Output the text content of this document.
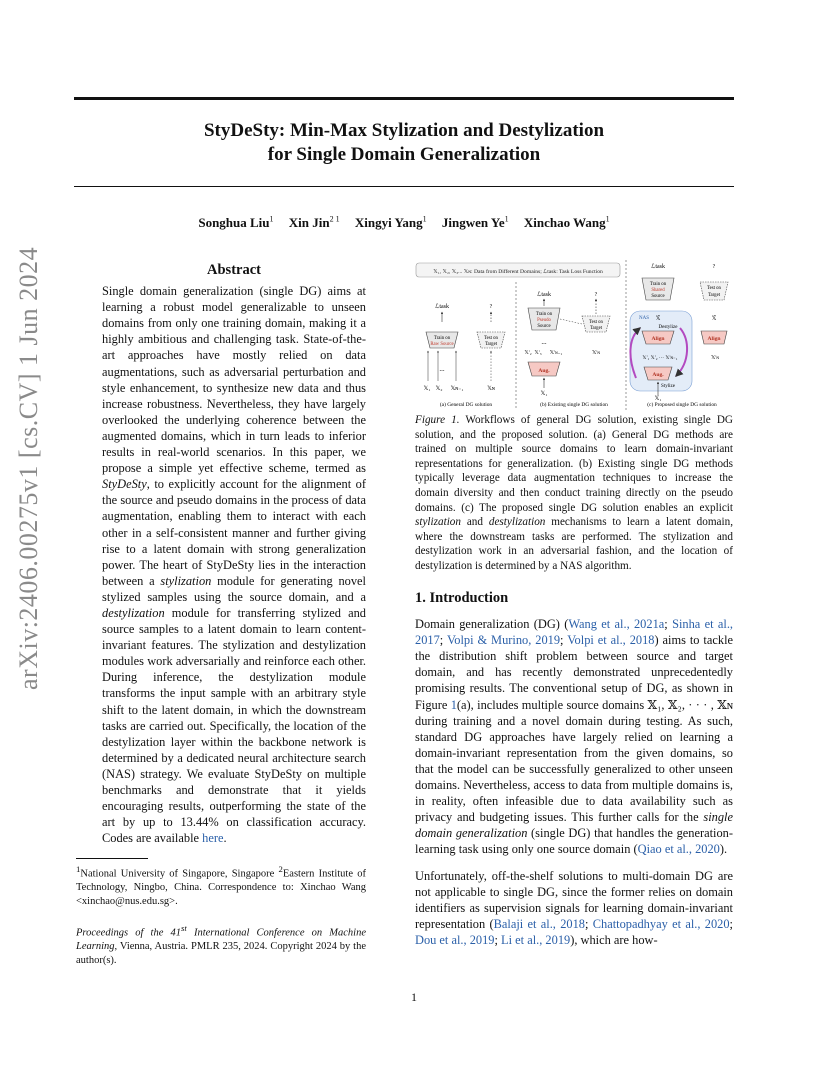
StyDeSty: Min-Max Stylization and Destylization
for Single Domain Generalization
Songhua Liu$^1$ Xin Jin$^{2 1}$ Xingyi Yang$^1$ Jingwen Ye$^1$ Xinchao Wang$^1$
arXiv:2406.00275v1 [cs.CV] 1 Jun 2024	Abstract

Single domain generalization (single DG) aims at learning a robust model generalizable to unseen domains from only one training domain, making it a highly ambitious and challenging task. State-of-the-art approaches have mostly relied on data augmentations, such as adversarial perturbation and style enhancement, to synthesize new data and thus increase robustness. Nevertheless, they have largely overlooked the underlying coherence between the augmented domains, which in turn leads to inferior results in real-world scenarios. In this paper, we propose a simple yet effective scheme, termed as StyDeSty, to explicitly account for the alignment of the source and pseudo domains in the process of data augmentation, enabling them to interact with each other in a self-consistent manner and further giving rise to a latent domain with strong generalization power. The heart of StyDeSty lies in the interaction between a stylization module for generating novel stylized samples using the source domain, and a destylization module for transferring stylized and source samples to a latent domain to learn content-invariant features. The stylization and destylization modules work adversarially and reinforce each other. During inference, the destylization module transforms the input sample with an arbitrary style shift to the latent domain, in which the downstream tasks are carried out. Specifically, the location of the destylization layer within the backbone network is determined by a dedicated neural architecture search (NAS) strategy. We evaluate StyDeSty on multiple benchmarks and demonstrate that it yields encouraging results, outperforming the state of the art by up to 13.44% on classification accuracy. Codes are available here.

$^1$National University of Singapore, Singapore $^2$Eastern Institute of Technology, Ningbo, China. Correspondence to: Xinchao Wang <xinchao@nus.edu.sg>.
Proceedings of the 41st International Conference on Machine Learning, Vienna, Austria. PMLR 235, 2024. Copyright 2024 by the author(s).
𝕏₁, 𝕏₂, 𝕏₃... 𝕏ɴ: Data from Different Domains; ℒtask: Task Loss Function
ℒtask	?
Train on
Raw Source
Test on
Target
...
𝕏₁ 𝕏₂ 𝕏ɴ₋₁	𝕏ɴ
(a) General DG solution
ℒtask	?
Train on
Pseudo
Source
Test on
Target
...
𝕏'₂ 𝕏'₃ 𝕏'ɴ₋₁	𝕏'ɴ
Aug.
𝕏₁
(b) Existing single DG solution
ℒtask	?
Train on
Shared
Source
Test on
Target
NAS 𝕏̄
Destylize
Align
𝕏̄
Align
𝕏'₁ 𝕏'₂ ··· 𝕏'ɴ₋₁	𝕏'ɴ
Aug.
Stylize
𝕏₁
(c) Proposed single DG solution
Figure 1. Workflows of general DG solution, existing single DG solution, and the proposed solution. (a) General DG methods are trained on multiple source domains to learn domain-invariant representations for generalization. (b) Existing single DG methods typically leverage data augmentation techniques to increase the domain diversity and then conduct training directly on the pseudo domains. (c) The proposed single DG solution enables an explicit stylization and destylization mechanisms to learn a latent domain, where the downstream tasks are performed. The stylization and destylization work in an adversarial fashion, and the location of destylization is determined by a NAS algorithm.
1. Introduction

Domain generalization (DG) (Wang et al., 2021a; Sinha et al., 2017; Volpi & Murino, 2019; Volpi et al., 2018) aims to tackle the distribution shift problem between source and target domain, and has recently demonstrated unprecedentedly promising results. The conventional setup of DG, as shown in Figure 1(a), includes multiple source domains 𝕏₁, 𝕏₂, · · · , 𝕏ɴ during training and a novel domain during testing. As such, standard DG approaches have largely relied on learning a domain-invariant representation from the given domains, so that the model can be successfully generalized to other unseen domains. Nevertheless, access to data from multiple domains is, in reality, often infeasible due to data availability such as privacy and budgeting issues. This further calls for the single domain generalization (single DG) that handles the generation-learning task using only one source domain (Qiao et al., 2020).

Unfortunately, off-the-shelf solutions to multi-domain DG are not applicable to single DG, since the former relies on domain identifiers as supervision signals for learning domain-invariant representation (Balaji et al., 2018; Chattopadhyay et al., 2020; Dou et al., 2019; Li et al., 2019), which are how-

1
